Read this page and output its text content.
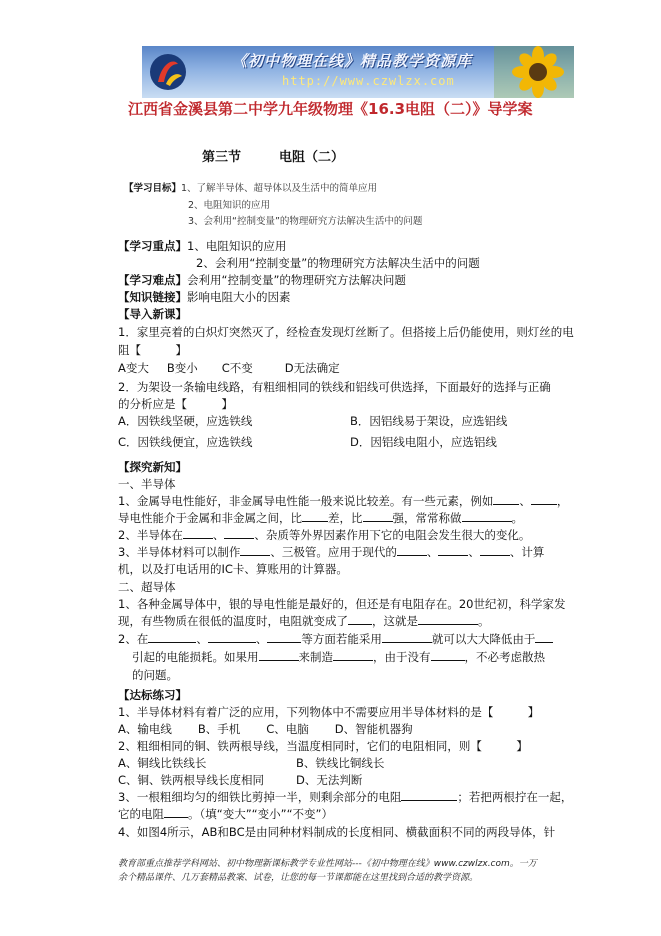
《初中物理在线》精品教学资源库
http://www.czwlzx.com
江西省金溪县第二中学九年级物理《16.3电阻（二）》导学案
第三节	电阻（二）
【学习目标】1、了解半导体、超导体以及生活中的简单应用
2、电阻知识的应用
3、会利用“控制变量”的物理研究方法解决生活中的问题
【学习重点】1、电阻知识的应用
2、会利用“控制变量”的物理研究方法解决生活中的问题
【学习难点】会利用“控制变量”的物理研究方法解决问题
【知识链接】影响电阻大小的因素
【导入新课】
1．家里亮着的白炽灯突然灭了，经检查发现灯丝断了。但搭接上后仍能使用，则灯丝的电
阻【　　　】
A变大 B变小 C不变	D无法确定
2．为架设一条输电线路，有粗细相同的铁线和铝线可供选择，下面最好的选择与正确
的分析应是【　　　】
A．因铁线坚硬，应选铁线	B．因铝线易于架设，应选铝线
C．因铁线便宜，应选铁线	D．因铝线电阻小，应选铝线
【探究新知】
一、半导体
1、金属导电性能好，非金属导电性能一般来说比较差。有一些元素，例如 、 ，
导电性能介于金属和非金属之间，比 差，比	强，常常称做	。
2、半导体在	、	、杂质等外界因素作用下它的电阻会发生很大的变化。
3、半导体材料可以制作	、三极管。应用于现代的	、	、	、计算
机，以及打电话用的IC卡、算账用的计算器。
二、超导体
1、各种金属导体中，银的导电性能是最好的，但还是有电阻存在。20世纪初，科学家发
现，有些物质在很低的温度时，电阻就变成了 ，这就是	。
2、在	、	、	等方面若能采用	就可以大大降低由于
引起的电能损耗。如果用	来制造	，由于没有	，不必考虑散热
的问题。
【达标练习】
1、半导体材料有着广泛的应用，下列物体中不需要应用半导体材料的是【　　　】
A、输电线 B、手机 C、电脑 D、智能机器狗
2、粗细相同的铜、铁两根导线，当温度相同时，它们的电阻相同，则【　　　】
A、铜线比铁线长	B、铁线比铜线长
C、铜、铁两根导线长度相同	D、无法判断
3、一根粗细均匀的细铁比剪掉一半，则剩余部分的电阻	；若把两根拧在一起，
它的电阻 。（填“变大”“变小”“不变”）
4、如图4所示，AB和BC是由同种材料制成的长度相同、横截面积不同的两段导体，针
教育部重点推荐学科网站、初中物理新课标教学专业性网站---《初中物理在线》www.czwlzx.com。一万
余个精品课件、几万套精品教案、试卷，让您的每一节课都能在这里找到合适的教学资源。
